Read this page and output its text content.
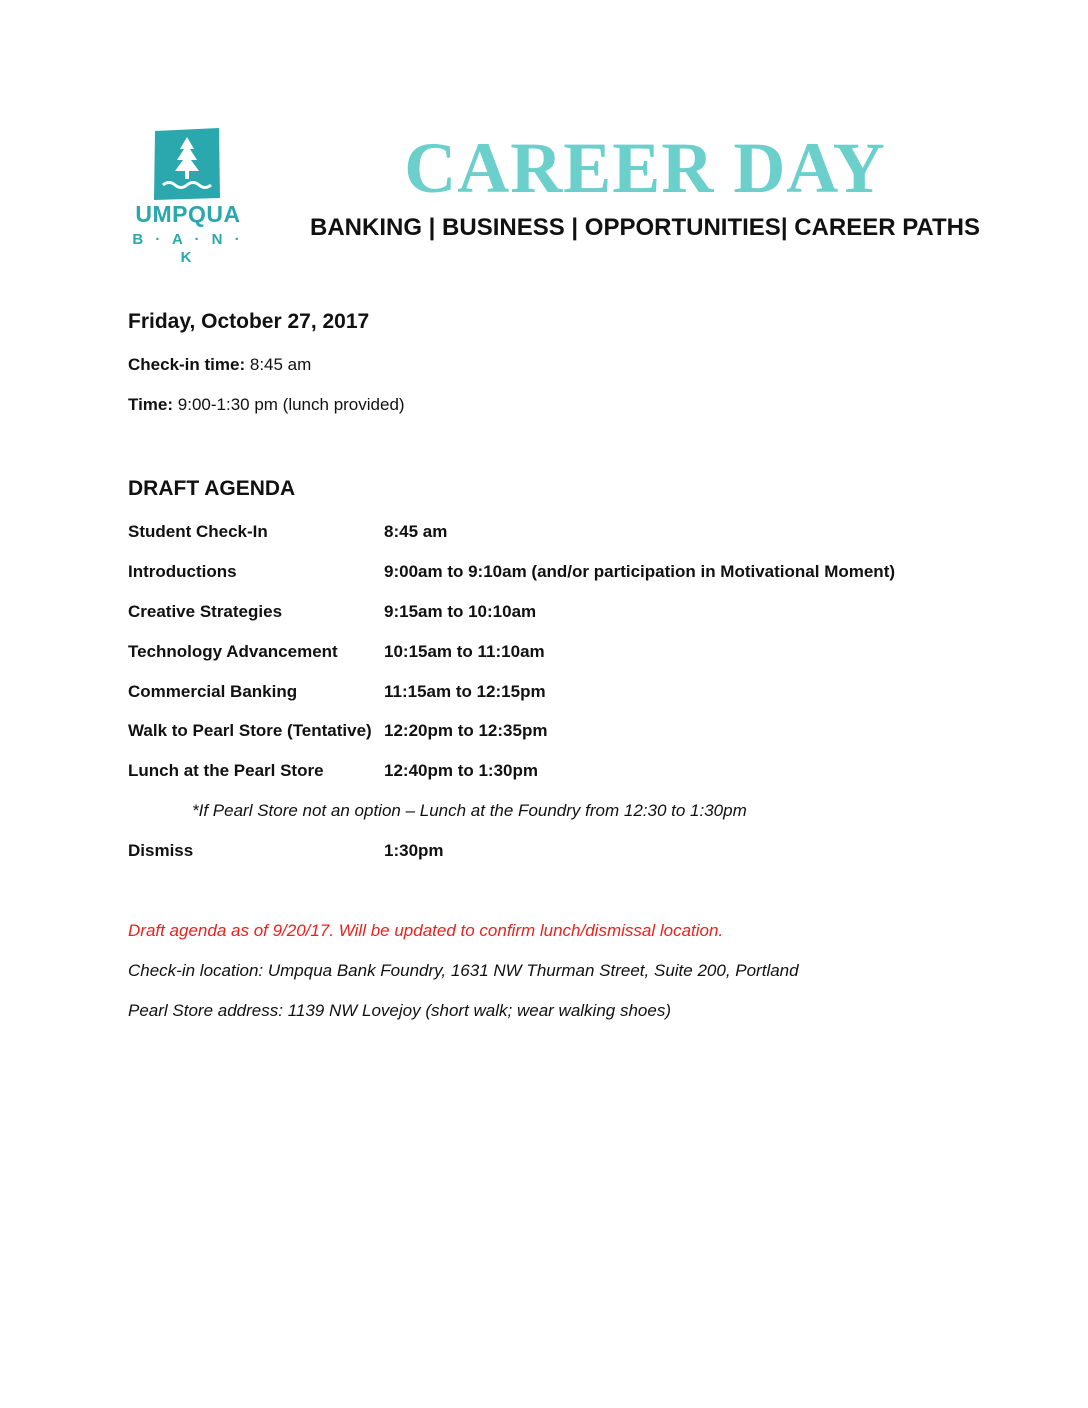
UMPQUA
B · A · N · K
CAREER DAY

BANKING | BUSINESS | OPPORTUNITIES| CAREER PATHS

Friday, October 27, 2017

Check-in time: 8:45 am
Time: 9:00-1:30 pm (lunch provided)

DRAFT AGENDA

Student Check-In	8:45 am
Introductions	9:00am to 9:10am (and/or participation in Motivational Moment)
Creative Strategies	9:15am to 10:10am
Technology Advancement	10:15am to 11:10am
Commercial Banking	11:15am to 12:15pm
Walk to Pearl Store (Tentative) 12:20pm to 12:35pm
Lunch at the Pearl Store	12:40pm to 1:30pm
*If Pearl Store not an option – Lunch at the Foundry from 12:30 to 1:30pm
Dismiss	1:30pm
Draft agenda as of 9/20/17. Will be updated to confirm lunch/dismissal location.
Check-in location: Umpqua Bank Foundry, 1631 NW Thurman Street, Suite 200, Portland
Pearl Store address: 1139 NW Lovejoy (short walk; wear walking shoes)
